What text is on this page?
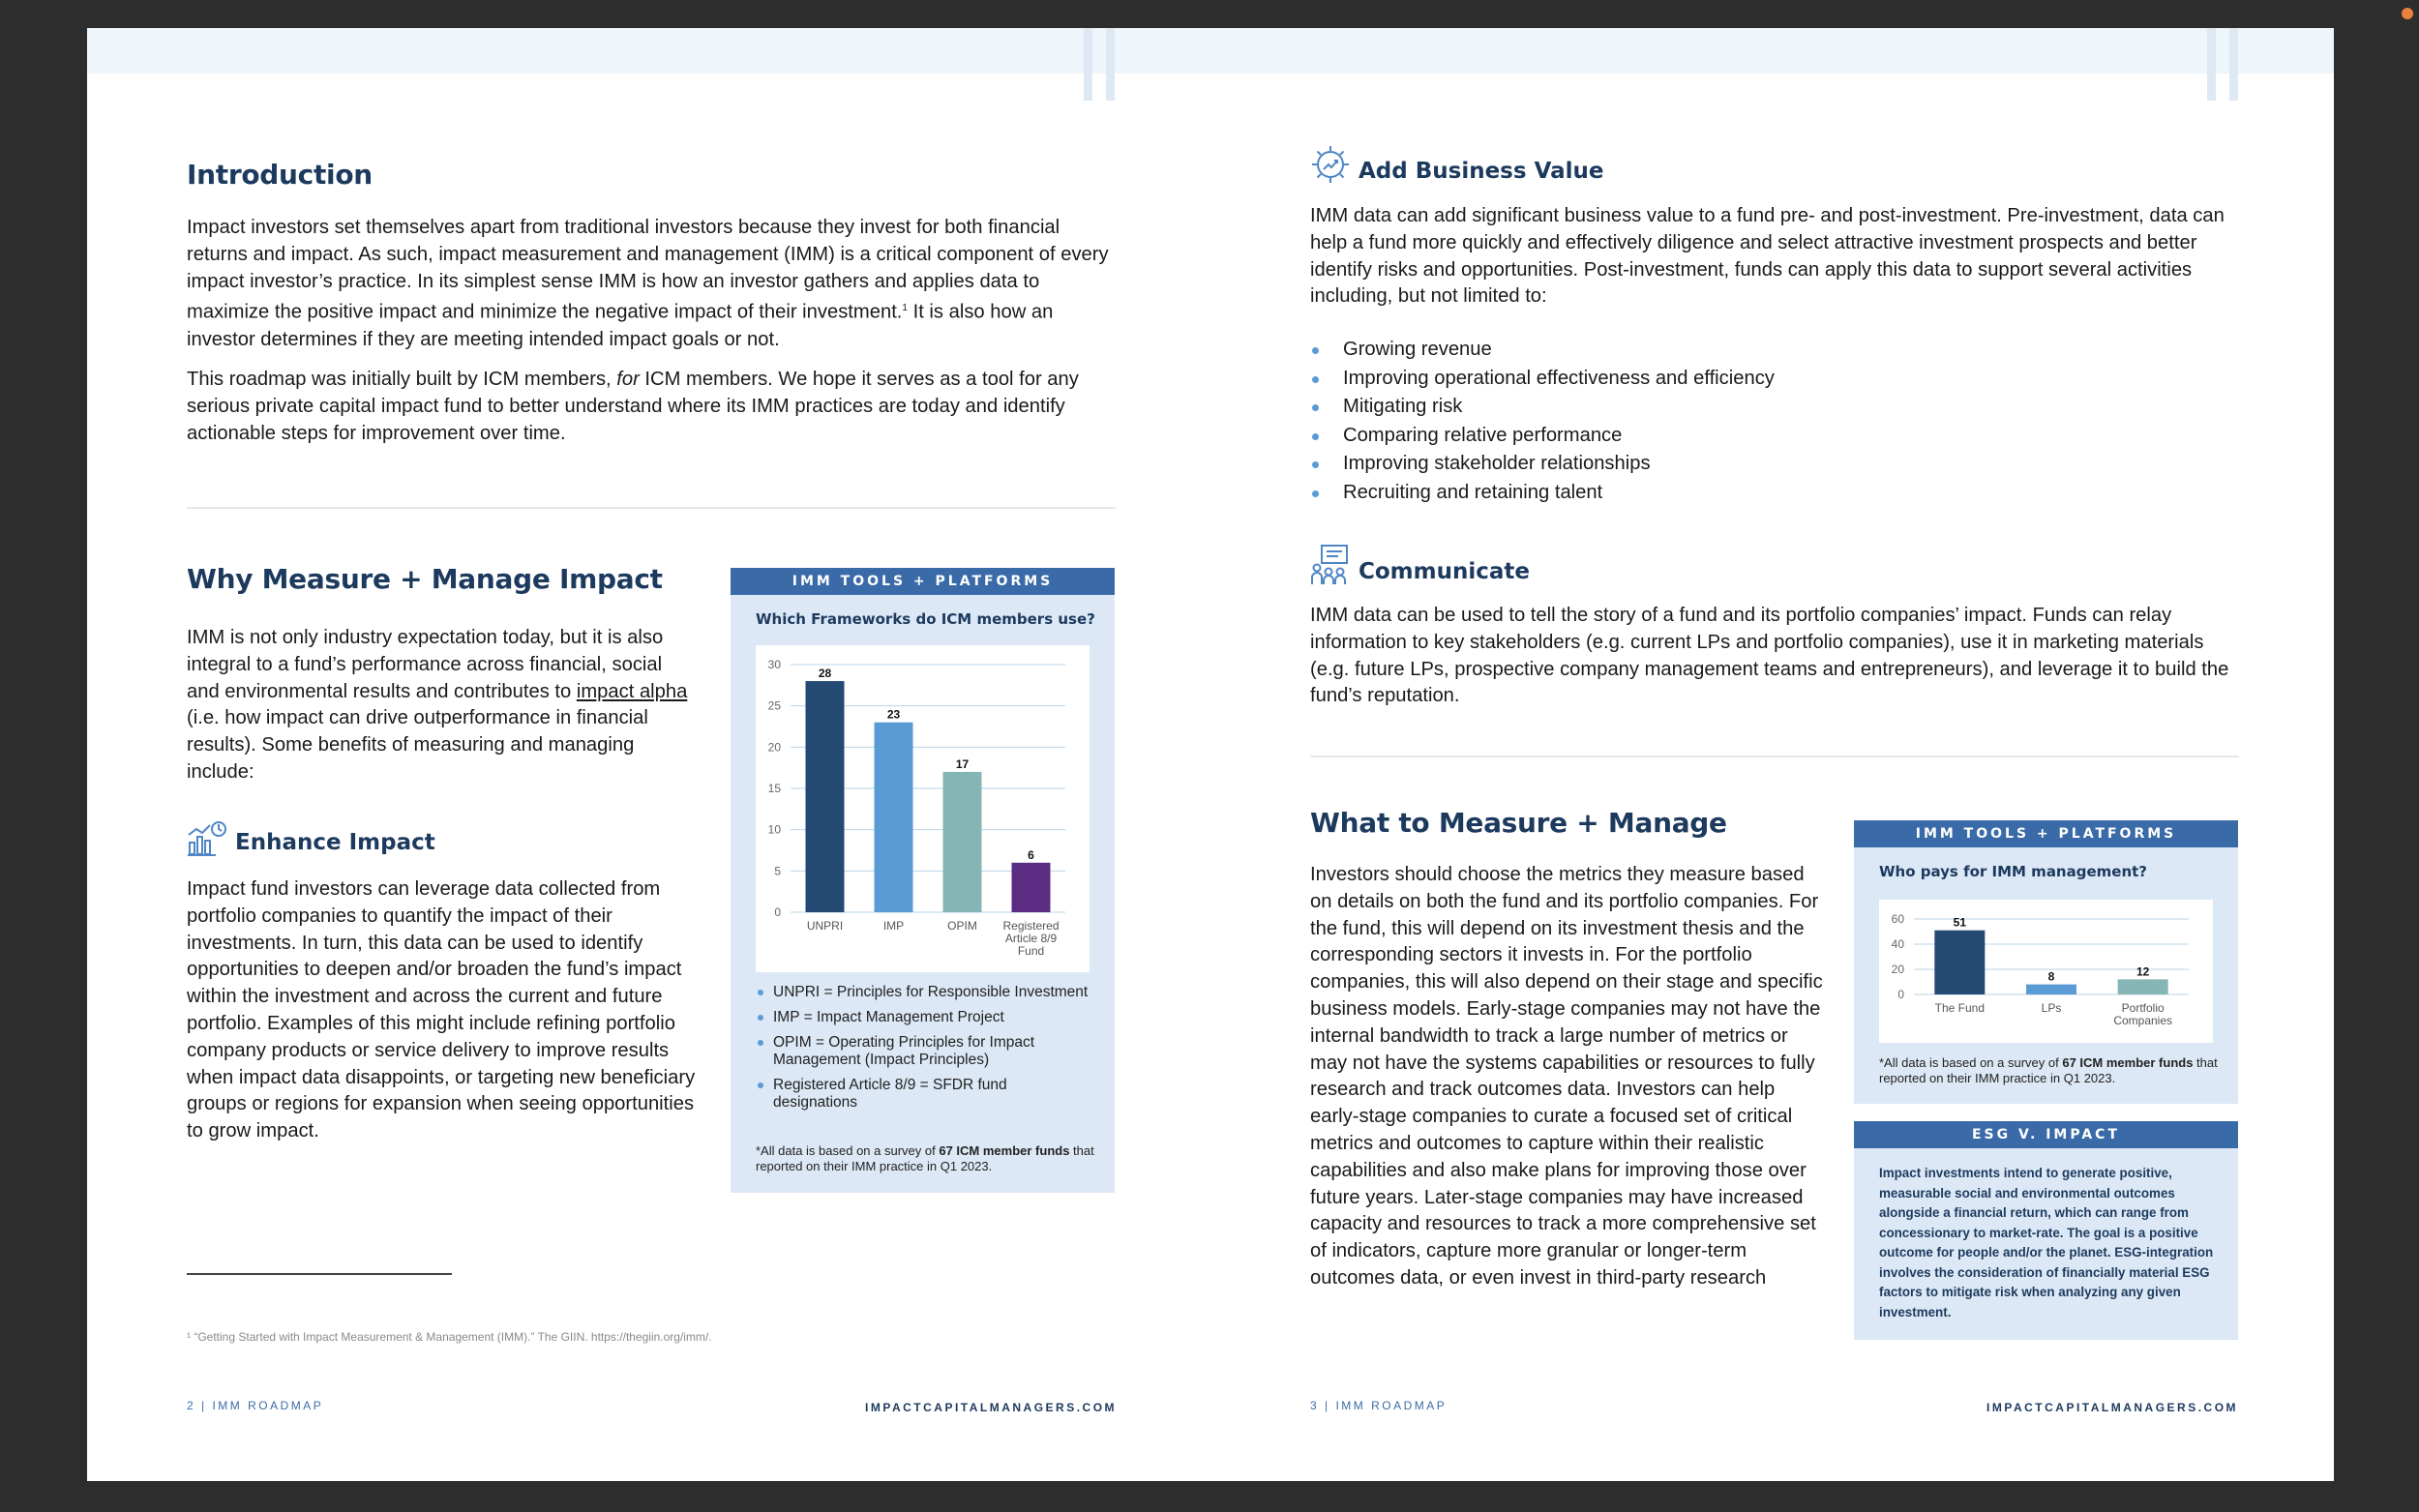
Introduction

Impact investors set themselves apart from traditional investors because they invest for both financial returns and impact. As such, impact measurement and management (IMM) is a critical component of every impact investor’s practice. In its simplest sense IMM is how an investor gathers and applies data to maximize the positive impact and minimize the negative impact of their investment.$^1$ It is also how an investor determines if they are meeting intended impact goals or not.

This roadmap was initially built by ICM members, for ICM members. We hope it serves as a tool for any serious private capital impact fund to better understand where its IMM practices are today and identify actionable steps for improvement over time.

Why Measure + Manage Impact

IMM is not only industry expectation today, but it is also integral to a fund’s performance across financial, social and environmental results and contributes to impact alpha (i.e. how impact can drive outperformance in financial results). Some benefits of measuring and managing include:

Enhance Impact

Impact fund investors can leverage data collected from portfolio companies to quantify the impact of their investments. In turn, this data can be used to identify opportunities to deepen and/or broaden the fund’s impact within the investment and across the current and future portfolio. Examples of this might include refining portfolio company products or service delivery to improve results when impact data disappoints, or targeting new beneficiary groups or regions for expansion when seeing opportunities to grow impact.

IMM TOOLS + PLATFORMS
Which Frameworks do ICM members use?
0
5
10
15
20
25
30
28
UNPRI
23
IMP
17
OPIM
6
Registered Article 8/9 Fund
UNPRI = Principles for Responsible Investment
IMP = Impact Management Project
OPIM = Operating Principles for Impact Management (Impact Principles)
Registered Article 8/9 = SFDR fund designations

*All data is based on a survey of 67 ICM member funds that reported on their IMM practice in Q1 2023.

¹ “Getting Started with Impact Measurement & Management (IMM).” The GIIN. https://thegiin.org/imm/.

2 | IMM ROADMAP	IMPACTCAPITALMANAGERS.COM
Add Business Value

IMM data can add significant business value to a fund pre- and post-investment. Pre-investment, data can help a fund more quickly and effectively diligence and select attractive investment prospects and better identify risks and opportunities. Post-investment, funds can apply this data to support several activities including, but not limited to:

Growing revenue
Improving operational effectiveness and efficiency
Mitigating risk
Comparing relative performance
Improving stakeholder relationships
Recruiting and retaining talent
Communicate

IMM data can be used to tell the story of a fund and its portfolio companies’ impact. Funds can relay information to key stakeholders (e.g. current LPs and portfolio companies), use it in marketing materials (e.g. future LPs, prospective company management teams and entrepreneurs), and leverage it to build the fund’s reputation.

What to Measure + Manage

Investors should choose the metrics they measure based on details on both the fund and its portfolio companies. For the fund, this will depend on its investment thesis and the corresponding sectors it invests in. For the portfolio companies, this will also depend on their stage and specific business models. Early-stage companies may not have the internal bandwidth to track a large number of metrics or may not have the systems capabilities or resources to fully research and track outcomes data. Investors can help early-stage companies to curate a focused set of critical metrics and outcomes to capture within their realistic capabilities and also make plans for improving those over future years. Later-stage companies may have increased capacity and resources to track a more comprehensive set of indicators, capture more granular or longer-term outcomes data, or even invest in third-party research

IMM TOOLS + PLATFORMS
Who pays for IMM management?
0
20
40
60	51
The Fund
8
LPs
12
Portfolio Companies

*All data is based on a survey of 67 ICM member funds that reported on their IMM practice in Q1 2023.

ESG V. IMPACT

Impact investments intend to generate positive, measurable social and environmental outcomes alongside a financial return, which can range from concessionary to market-rate. The goal is a positive outcome for people and/or the planet. ESG-integration involves the consideration of financially material ESG factors to mitigate risk when analyzing any given investment.

3 | IMM ROADMAP	IMPACTCAPITALMANAGERS.COM
